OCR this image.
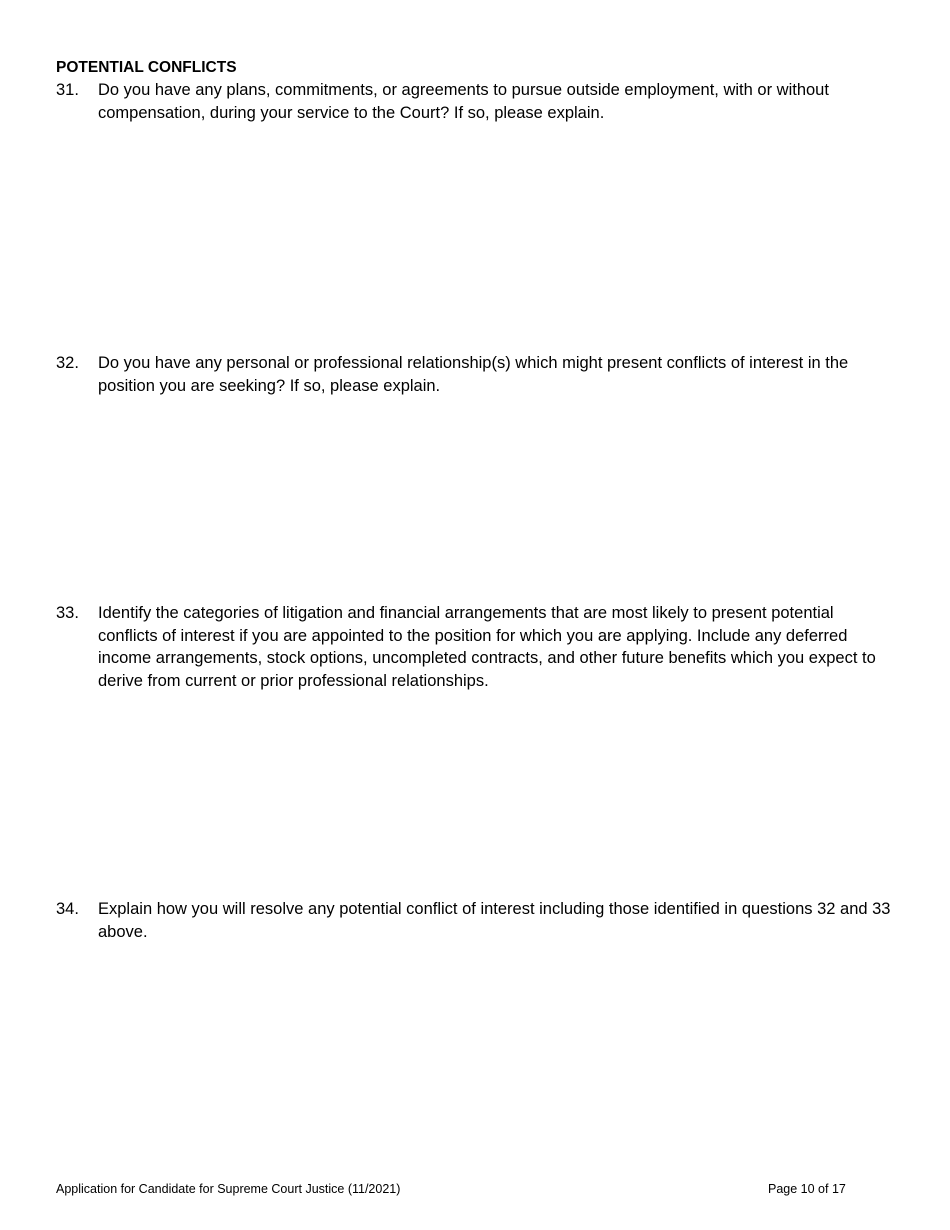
POTENTIAL CONFLICTS
31.	Do you have any plans, commitments, or agreements to pursue outside employment, with or without compensation, during your service to the Court? If so, please explain.
32.	Do you have any personal or professional relationship(s) which might present conflicts of interest in the position you are seeking? If so, please explain.
33.	Identify the categories of litigation and financial arrangements that are most likely to present potential conflicts of interest if you are appointed to the position for which you are applying. Include any deferred income arrangements, stock options, uncompleted contracts, and other future benefits which you expect to derive from current or prior professional relationships.
34.	Explain how you will resolve any potential conflict of interest including those identified in questions 32 and 33 above.
Application for Candidate for Supreme Court Justice (11/2021)	Page 10 of 17
